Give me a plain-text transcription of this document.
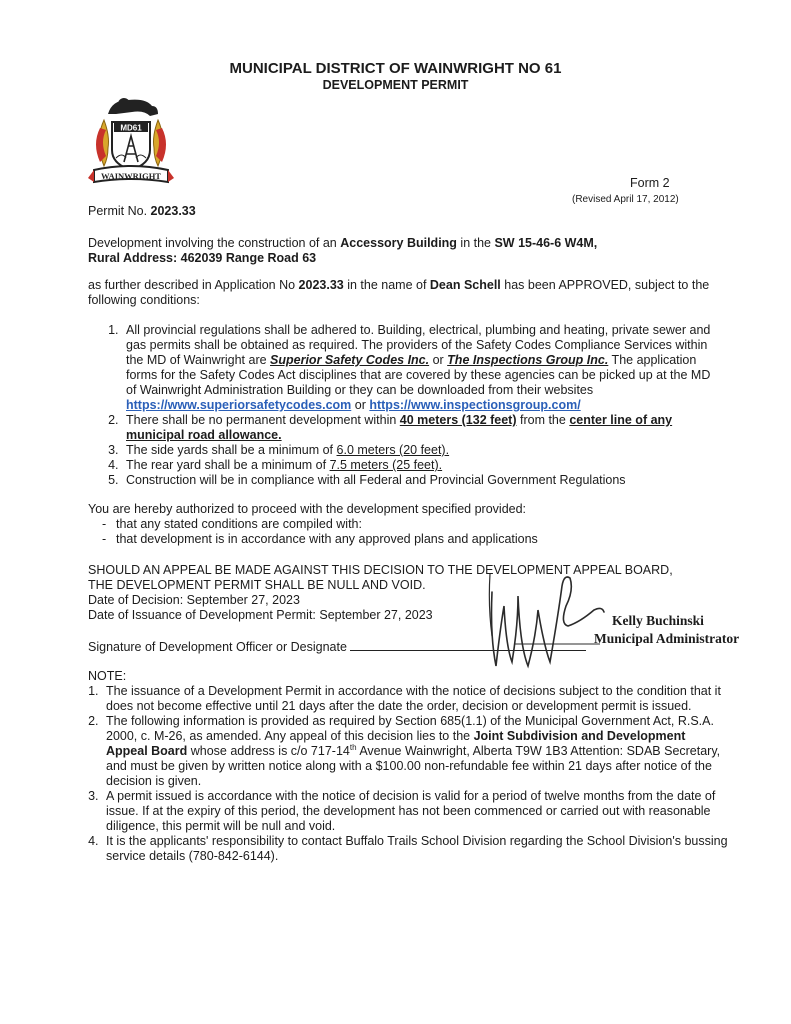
MUNICIPAL DISTRICT OF WAINWRIGHT NO 61
DEVELOPMENT PERMIT
MD61
WAINWRIGHT	Form 2
(Revised April 17, 2012)
Permit No. 2023.33
Development involving the construction of an Accessory Building in the SW 15-46-6 W4M,
Rural Address: 462039 Range Road 63
as further described in Application No 2023.33 in the name of Dean Schell has been APPROVED, subject to the following conditions:
1. All provincial regulations shall be adhered to. Building, electrical, plumbing and heating, private sewer and gas permits shall be obtained as required. The providers of the Safety Codes Compliance Services within the MD of Wainwright are Superior Safety Codes Inc. or The Inspections Group Inc. The application forms for the Safety Codes Act disciplines that are covered by these agencies can be picked up at the MD of Wainwright Administration Building or they can be downloaded from their websites https://www.superiorsafetycodes.com or https://www.inspectionsgroup.com/
2. There shall be no permanent development within 40 meters (132 feet) from the center line of any municipal road allowance.
3. The side yards shall be a minimum of 6.0 meters (20 feet).
4. The rear yard shall be a minimum of 7.5 meters (25 feet).
5. Construction will be in compliance with all Federal and Provincial Government Regulations
You are hereby authorized to proceed with the development specified provided:
- that any stated conditions are compiled with:
- that development is in accordance with any approved plans and applications
SHOULD AN APPEAL BE MADE AGAINST THIS DECISION TO THE DEVELOPMENT APPEAL BOARD,
THE DEVELOPMENT PERMIT SHALL BE NULL AND VOID.
Date of Decision: September 27, 2023
Date of Issuance of Development Permit: September 27, 2023
Signature of Development Officer or Designate
Kelly Buchinski
Municipal Administrator
NOTE:
1. The issuance of a Development Permit in accordance with the notice of decisions subject to the condition that it does not become effective until 21 days after the date the order, decision or development permit is issued.
2. The following information is provided as required by Section 685(1.1) of the Municipal Government Act, R.S.A. 2000, c. M-26, as amended. Any appeal of this decision lies to the Joint Subdivision and Development Appeal Board whose address is c/o 717-14th Avenue Wainwright, Alberta T9W 1B3 Attention: SDAB Secretary, and must be given by written notice along with a $100.00 non-refundable fee within 21 days after notice of the decision is given.
3. A permit issued is accordance with the notice of decision is valid for a period of twelve months from the date of issue. If at the expiry of this period, the development has not been commenced or carried out with reasonable diligence, this permit will be null and void.
4. It is the applicants' responsibility to contact Buffalo Trails School Division regarding the School Division's bussing service details (780-842-6144).
